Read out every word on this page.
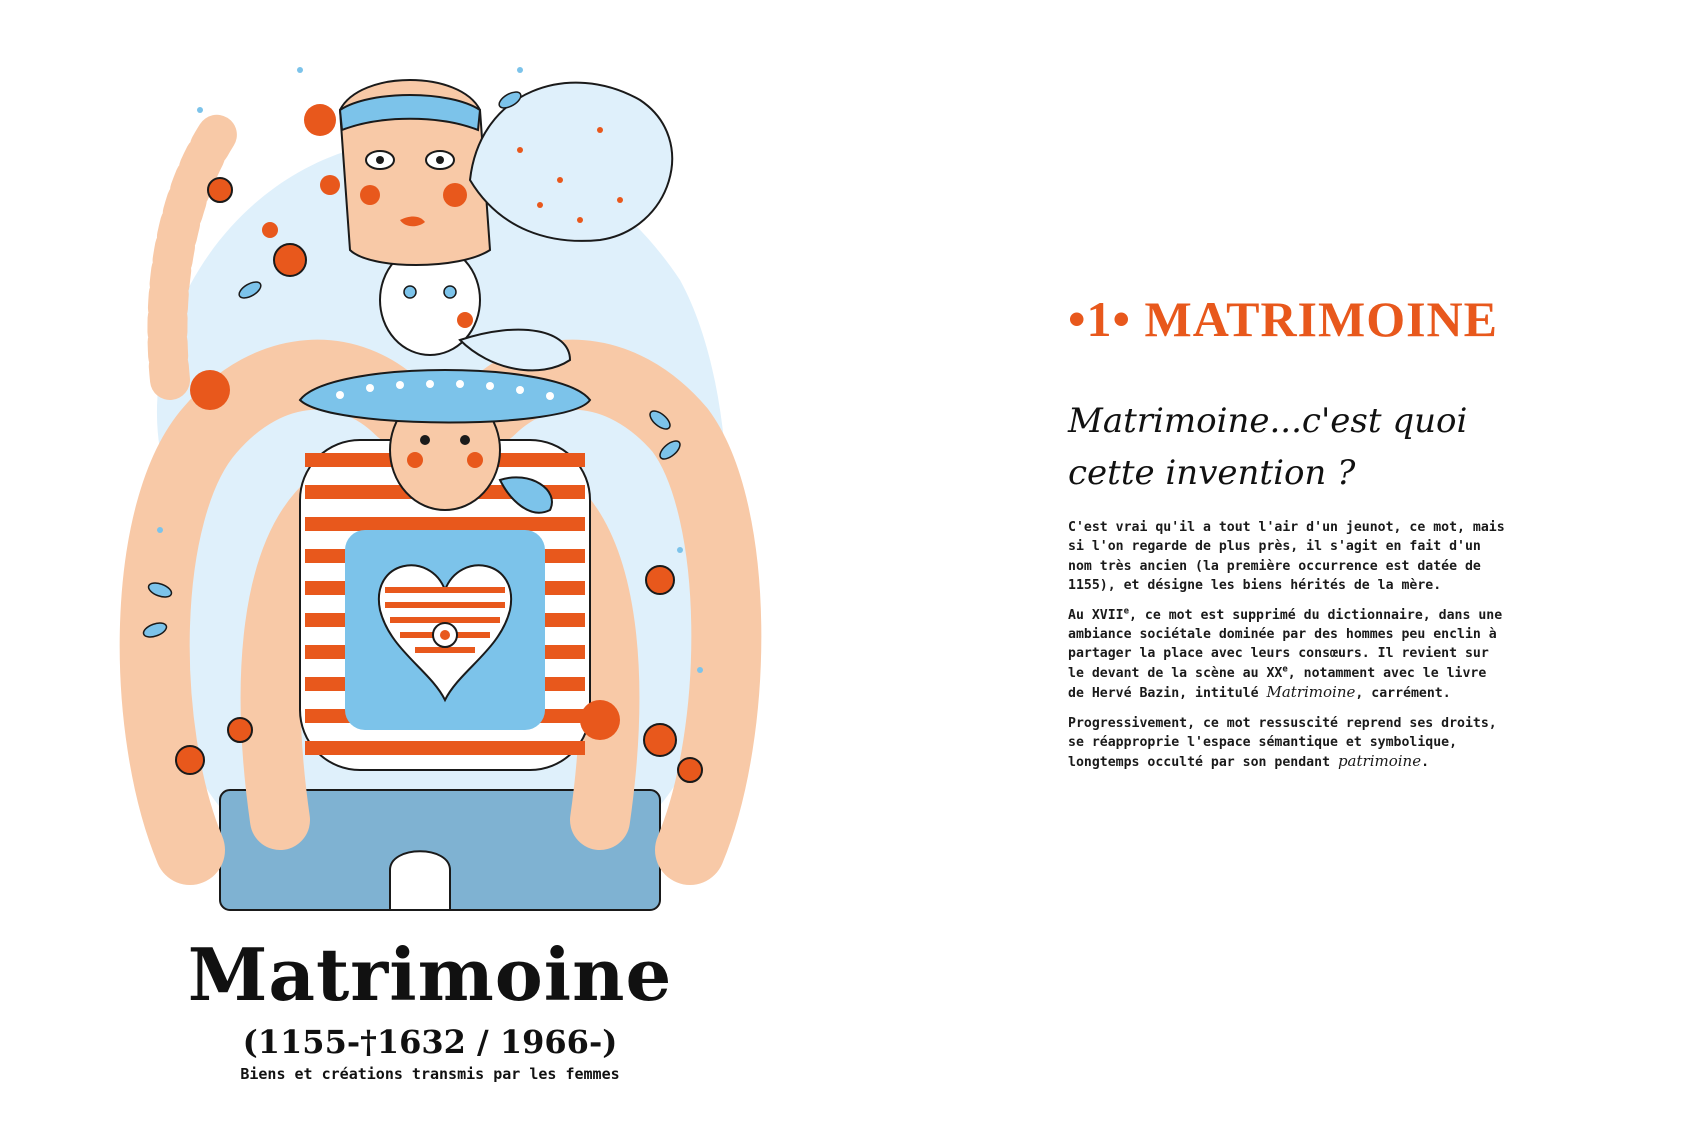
Matrimoine
(1155-†1632 / 1966-)
Biens et créations transmis par les femmes
•1• MATRIMOINE
Matrimoine...c'est quoi cette invention ?

C'est vrai qu'il a tout l'air d'un jeunot, ce mot, mais si l'on regarde de plus près, il s'agit en fait d'un nom très ancien (la première occurrence est datée de 1155), et désigne les biens hérités de la mère.

Au XVIIe, ce mot est supprimé du dictionnaire, dans une ambiance sociétale dominée par des hommes peu enclin à partager la place avec leurs consœurs. Il revient sur le devant de la scène au XXe, notamment avec le livre de Hervé Bazin, intitulé Matrimoine, carrément.

Progressivement, ce mot ressuscité reprend ses droits, se réapproprie l'espace sémantique et symbolique, longtemps occulté par son pendant patrimoine.
